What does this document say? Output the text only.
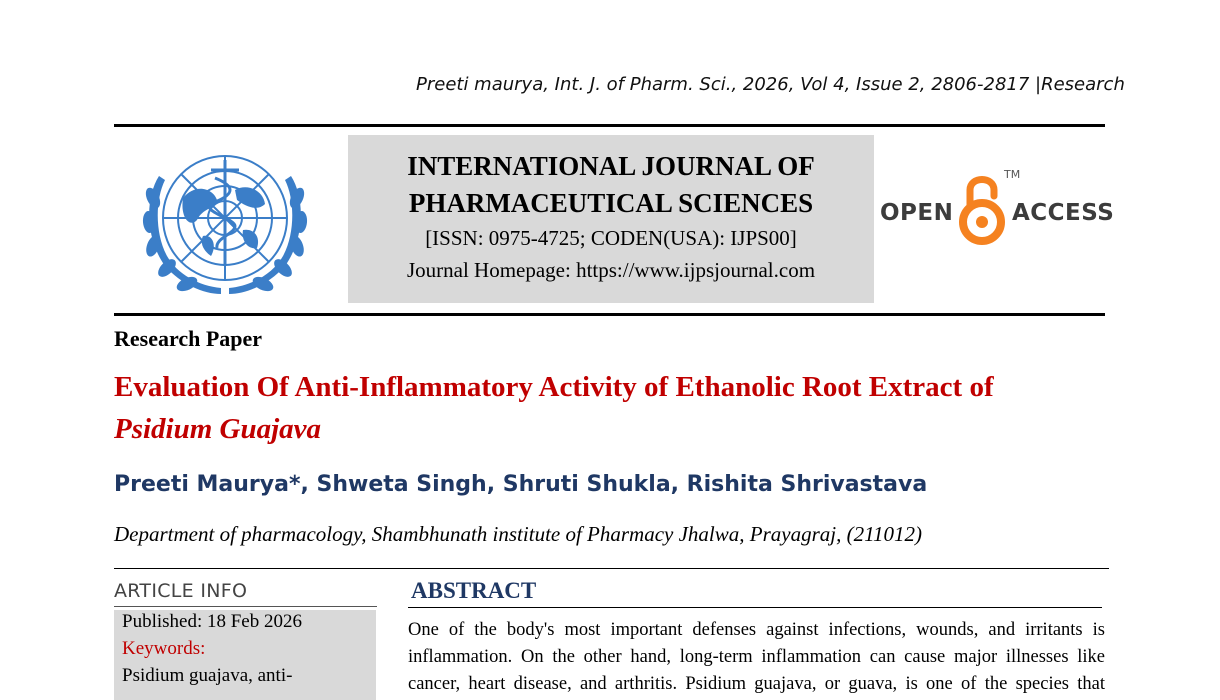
Preeti maurya, Int. J. of Pharm. Sci., 2026, Vol 4, Issue 2, 2806-2817 |Research
INTERNATIONAL JOURNAL OF
PHARMACEUTICAL SCIENCES
[ISSN: 0975-4725; CODEN(USA): IJPS00]
Journal Homepage: https://www.ijpsjournal.com
OPEN
TM
ACCESS
Research Paper
Evaluation Of Anti-Inflammatory Activity of Ethanolic Root Extract of
Psidium Guajava
Preeti Maurya*, Shweta Singh, Shruti Shukla, Rishita Shrivastava
Department of pharmacology, Shambhunath institute of Pharmacy Jhalwa, Prayagraj, (211012)
ARTICLE INFO
Published: 18 Feb 2026
Keywords:
Psidium guajava, anti-
ABSTRACT
One of the body's most important defenses against infections, wounds, and irritants is
inflammation. On the other hand, long-term inflammation can cause major illnesses like
cancer, heart disease, and arthritis. Psidium guajava, or guava, is one of the species that
